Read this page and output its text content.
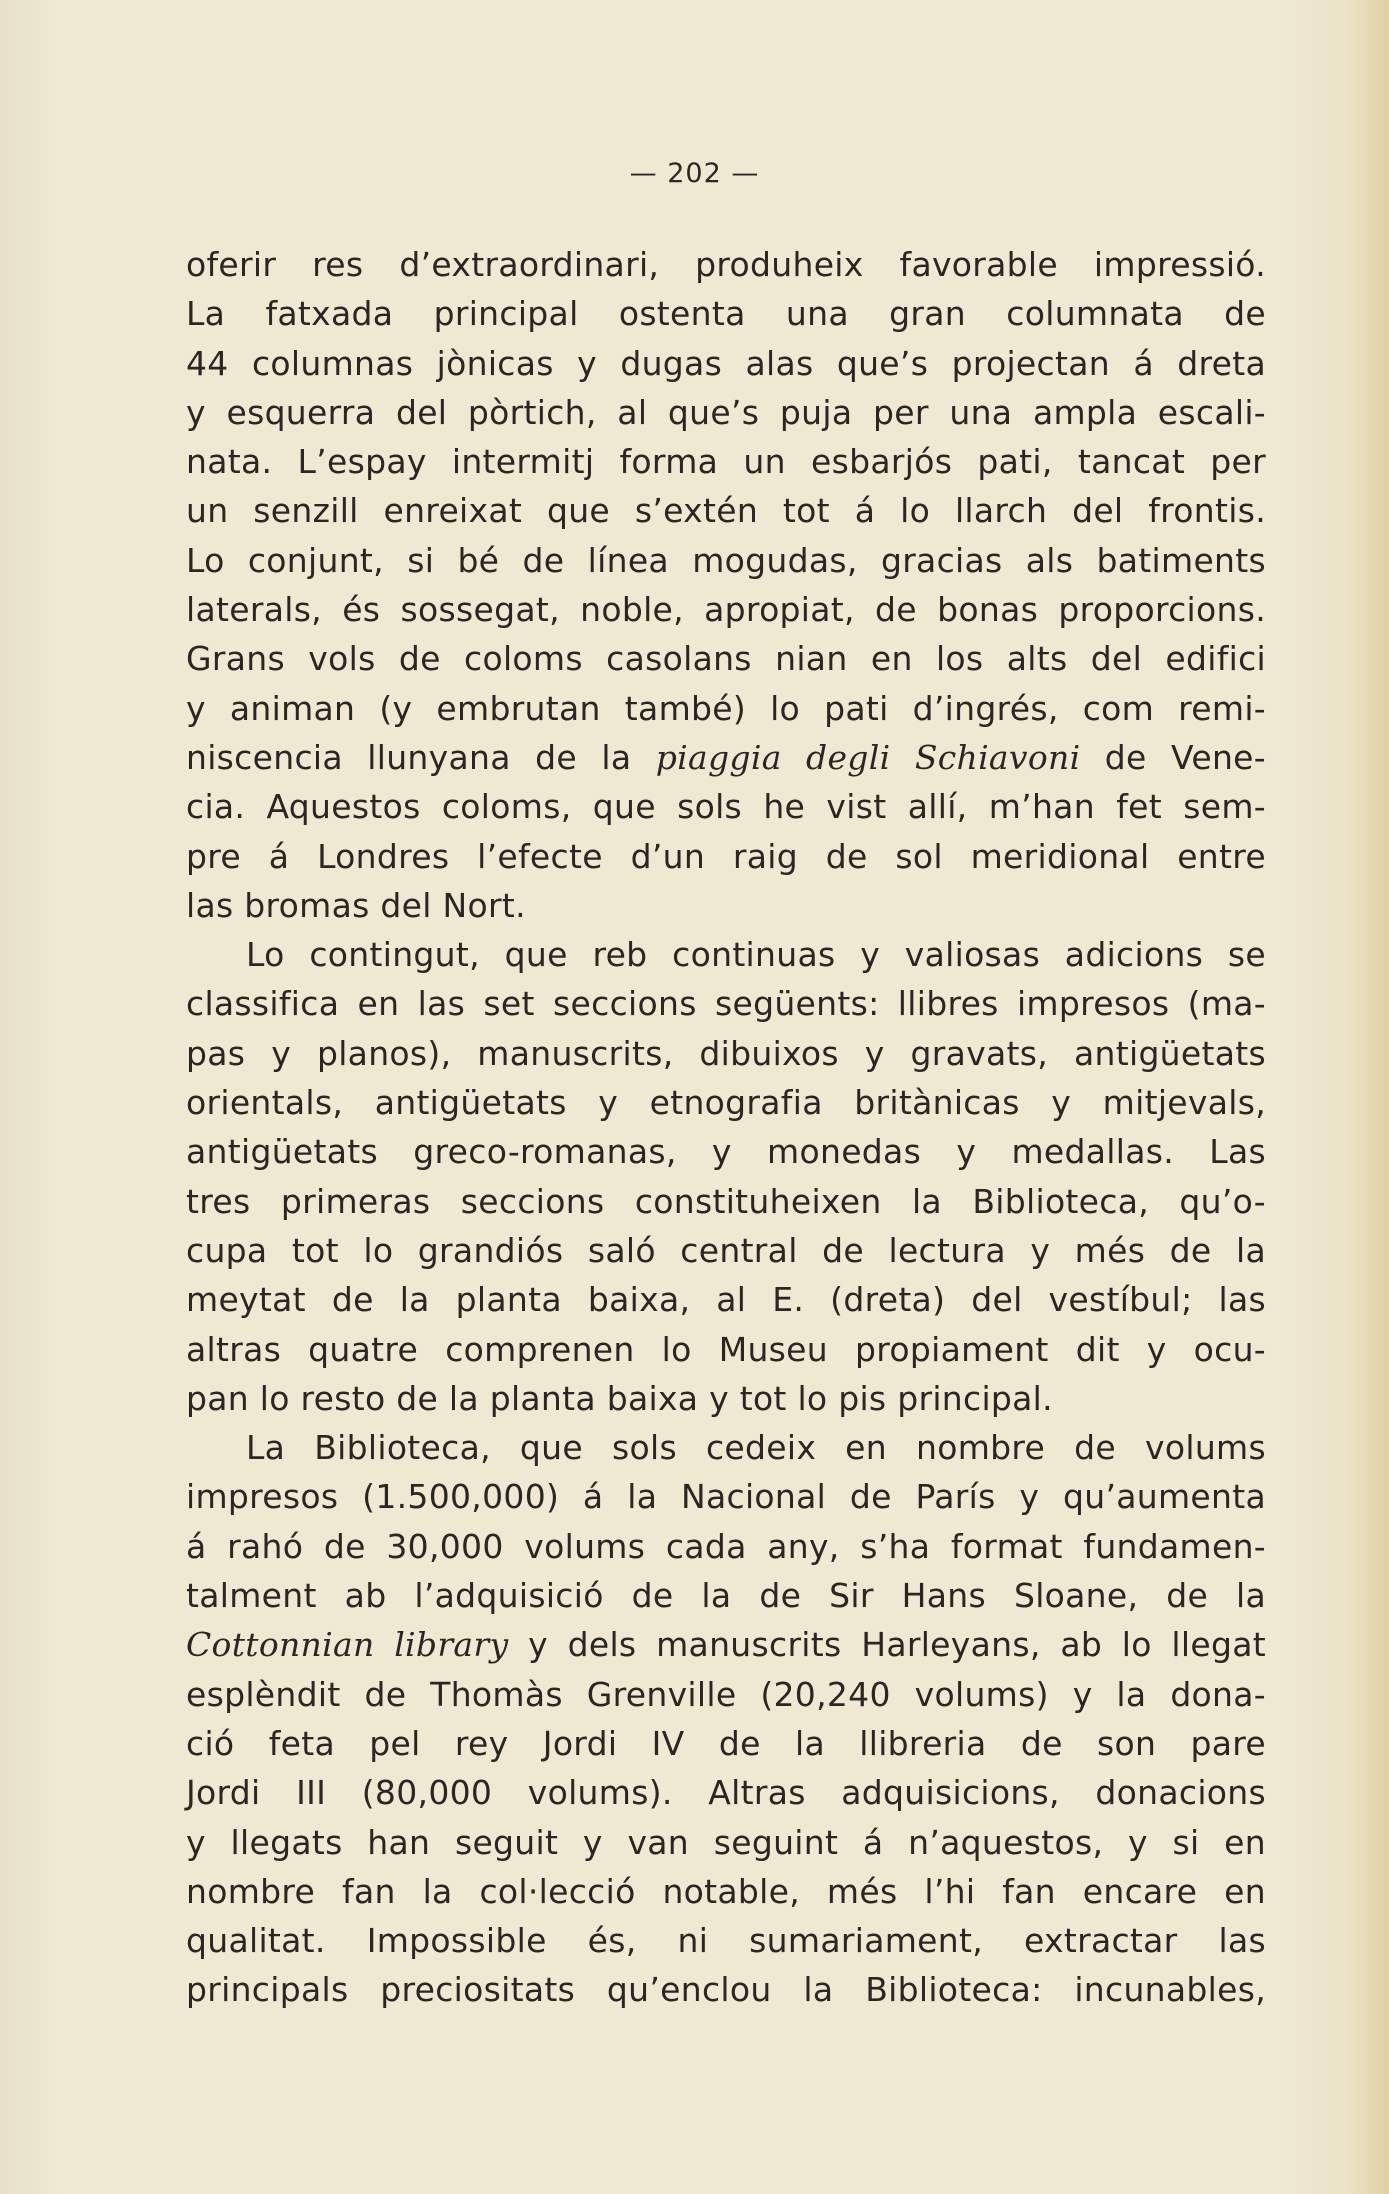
— 202 —
oferir res d’extraordinari, produheix favorable impressió.
La fatxada principal ostenta una gran columnata de
44 columnas jònicas y dugas alas que’s projectan á dreta
y esquerra del pòrtich, al que’s puja per una ampla escali-
nata. L’espay intermitj forma un esbarjós pati, tancat per
un senzill enreixat que s’extén tot á lo llarch del frontis.
Lo conjunt, si bé de línea mogudas, gracias als batiments
laterals, és sossegat, noble, apropiat, de bonas proporcions.
Grans vols de coloms casolans nian en los alts del edifici
y animan (y embrutan també) lo pati d’ingrés, com remi-
niscencia llunyana de la piaggia degli Schiavoni de Vene-
cia. Aquestos coloms, que sols he vist allí, m’han fet sem-
pre á Londres l’efecte d’un raig de sol meridional entre
las bromas del Nort.
Lo contingut, que reb continuas y valiosas adicions se
classifica en las set seccions següents: llibres impresos (ma-
pas y planos), manuscrits, dibuixos y gravats, antigüetats
orientals, antigüetats y etnografia britànicas y mitjevals,
antigüetats greco-romanas, y monedas y medallas. Las
tres primeras seccions constituheixen la Biblioteca, qu’o-
cupa tot lo grandiós saló central de lectura y més de la
meytat de la planta baixa, al E. (dreta) del vestíbul; las
altras quatre comprenen lo Museu propiament dit y ocu-
pan lo resto de la planta baixa y tot lo pis principal.
La Biblioteca, que sols cedeix en nombre de volums
impresos (1.500,000) á la Nacional de París y qu’aumenta
á rahó de 30,000 volums cada any, s’ha format fundamen-
talment ab l’adquisició de la de Sir Hans Sloane, de la
Cottonnian library y dels manuscrits Harleyans, ab lo llegat
esplèndit de Thomàs Grenville (20,240 volums) y la dona-
ció feta pel rey Jordi IV de la llibreria de son pare
Jordi III (80,000 volums). Altras adquisicions, donacions
y llegats han seguit y van seguint á n’aquestos, y si en
nombre fan la col·lecció notable, més l’hi fan encare en
qualitat. Impossible és, ni sumariament, extractar las
principals preciositats qu’enclou la Biblioteca: incunables,
